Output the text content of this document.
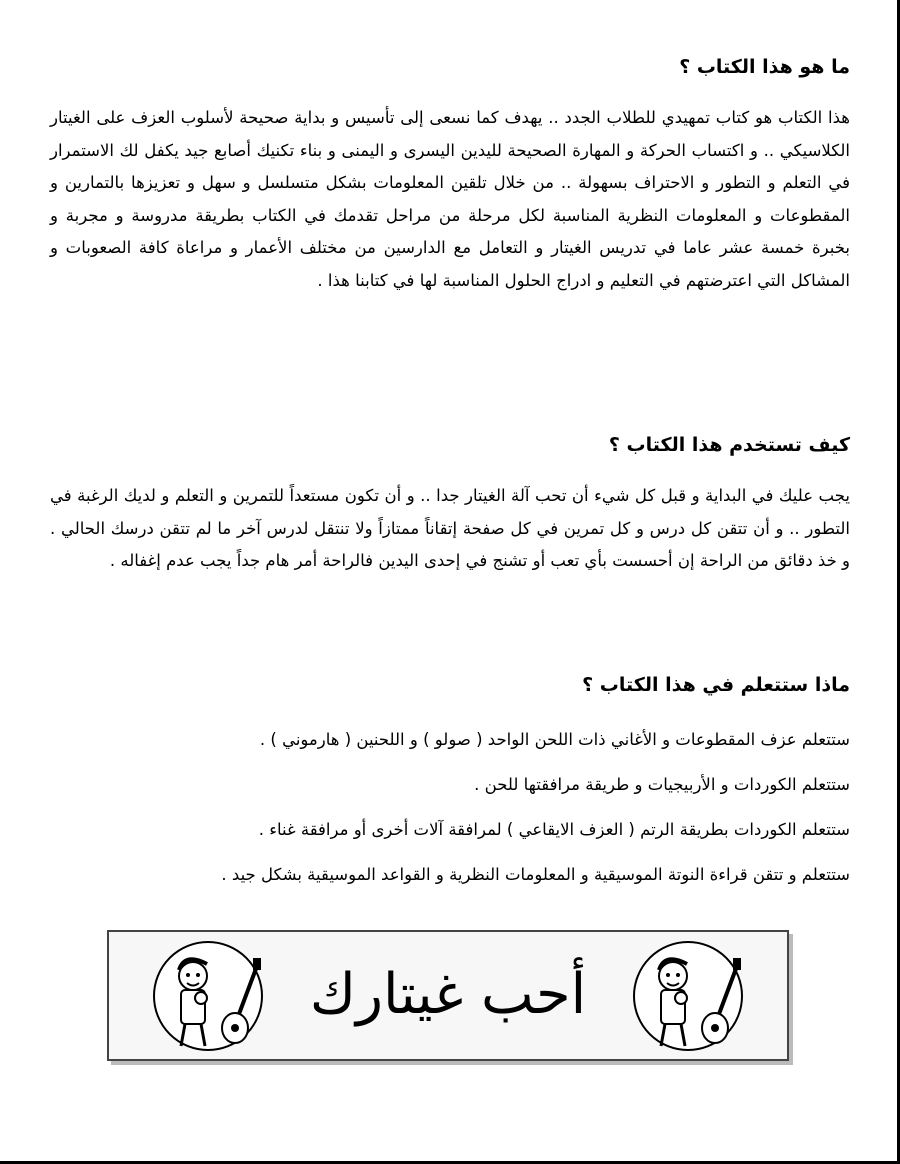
ما هو هذا الكتاب ؟

هذا الكتاب هو كتاب تمهيدي للطلاب الجدد .. يهدف كما نسعى إلى تأسيس و بداية صحيحة لأسلوب العزف على الغيتار الكلاسيكي .. و اكتساب الحركة و المهارة الصحيحة لليدين اليسرى و اليمنى و بناء تكنيك أصابع جيد يكفل لك الاستمرار في التعلم و التطور و الاحتراف بسهولة .. من خلال تلقين المعلومات بشكل متسلسل و سهل و تعزيزها بالتمارين و المقطوعات و المعلومات النظرية المناسبة لكل مرحلة من مراحل تقدمك في الكتاب بطريقة مدروسة و مجربة و بخبرة خمسة عشر عاما في تدريس الغيتار و التعامل مع الدارسين من مختلف الأعمار و مراعاة كافة الصعوبات و المشاكل التي اعترضتهم في التعليم و ادراج الحلول المناسبة لها في كتابنا هذا .

كيف تستخدم هذا الكتاب ؟

يجب عليك في البداية و قبل كل شيء أن تحب آلة الغيتار جدا .. و أن تكون مستعداً للتمرين و التعلم و لديك الرغبة في التطور .. و أن تتقن كل درس و كل تمرين في كل صفحة إتقاناً ممتازاً ولا تنتقل لدرس آخر ما لم تتقن درسك الحالي . و خذ دقائق من الراحة إن أحسست بأي تعب أو تشنج في إحدى اليدين فالراحة أمر هام جداً يجب عدم إغفاله .

ماذا ستتعلم في هذا الكتاب ؟
ستتعلم عزف المقطوعات و الأغاني ذات اللحن الواحد ( صولو ) و اللحنين ( هارموني ) .
ستتعلم الكوردات و الأربيجيات و طريقة مرافقتها للحن .
ستتعلم الكوردات بطريقة الرتم ( العزف الايقاعي ) لمرافقة آلات أخرى أو مرافقة غناء .
ستتعلم و تتقن قراءة النوتة الموسيقية و المعلومات النظرية و القواعد الموسيقية بشكل جيد .
أحب غيتارك
